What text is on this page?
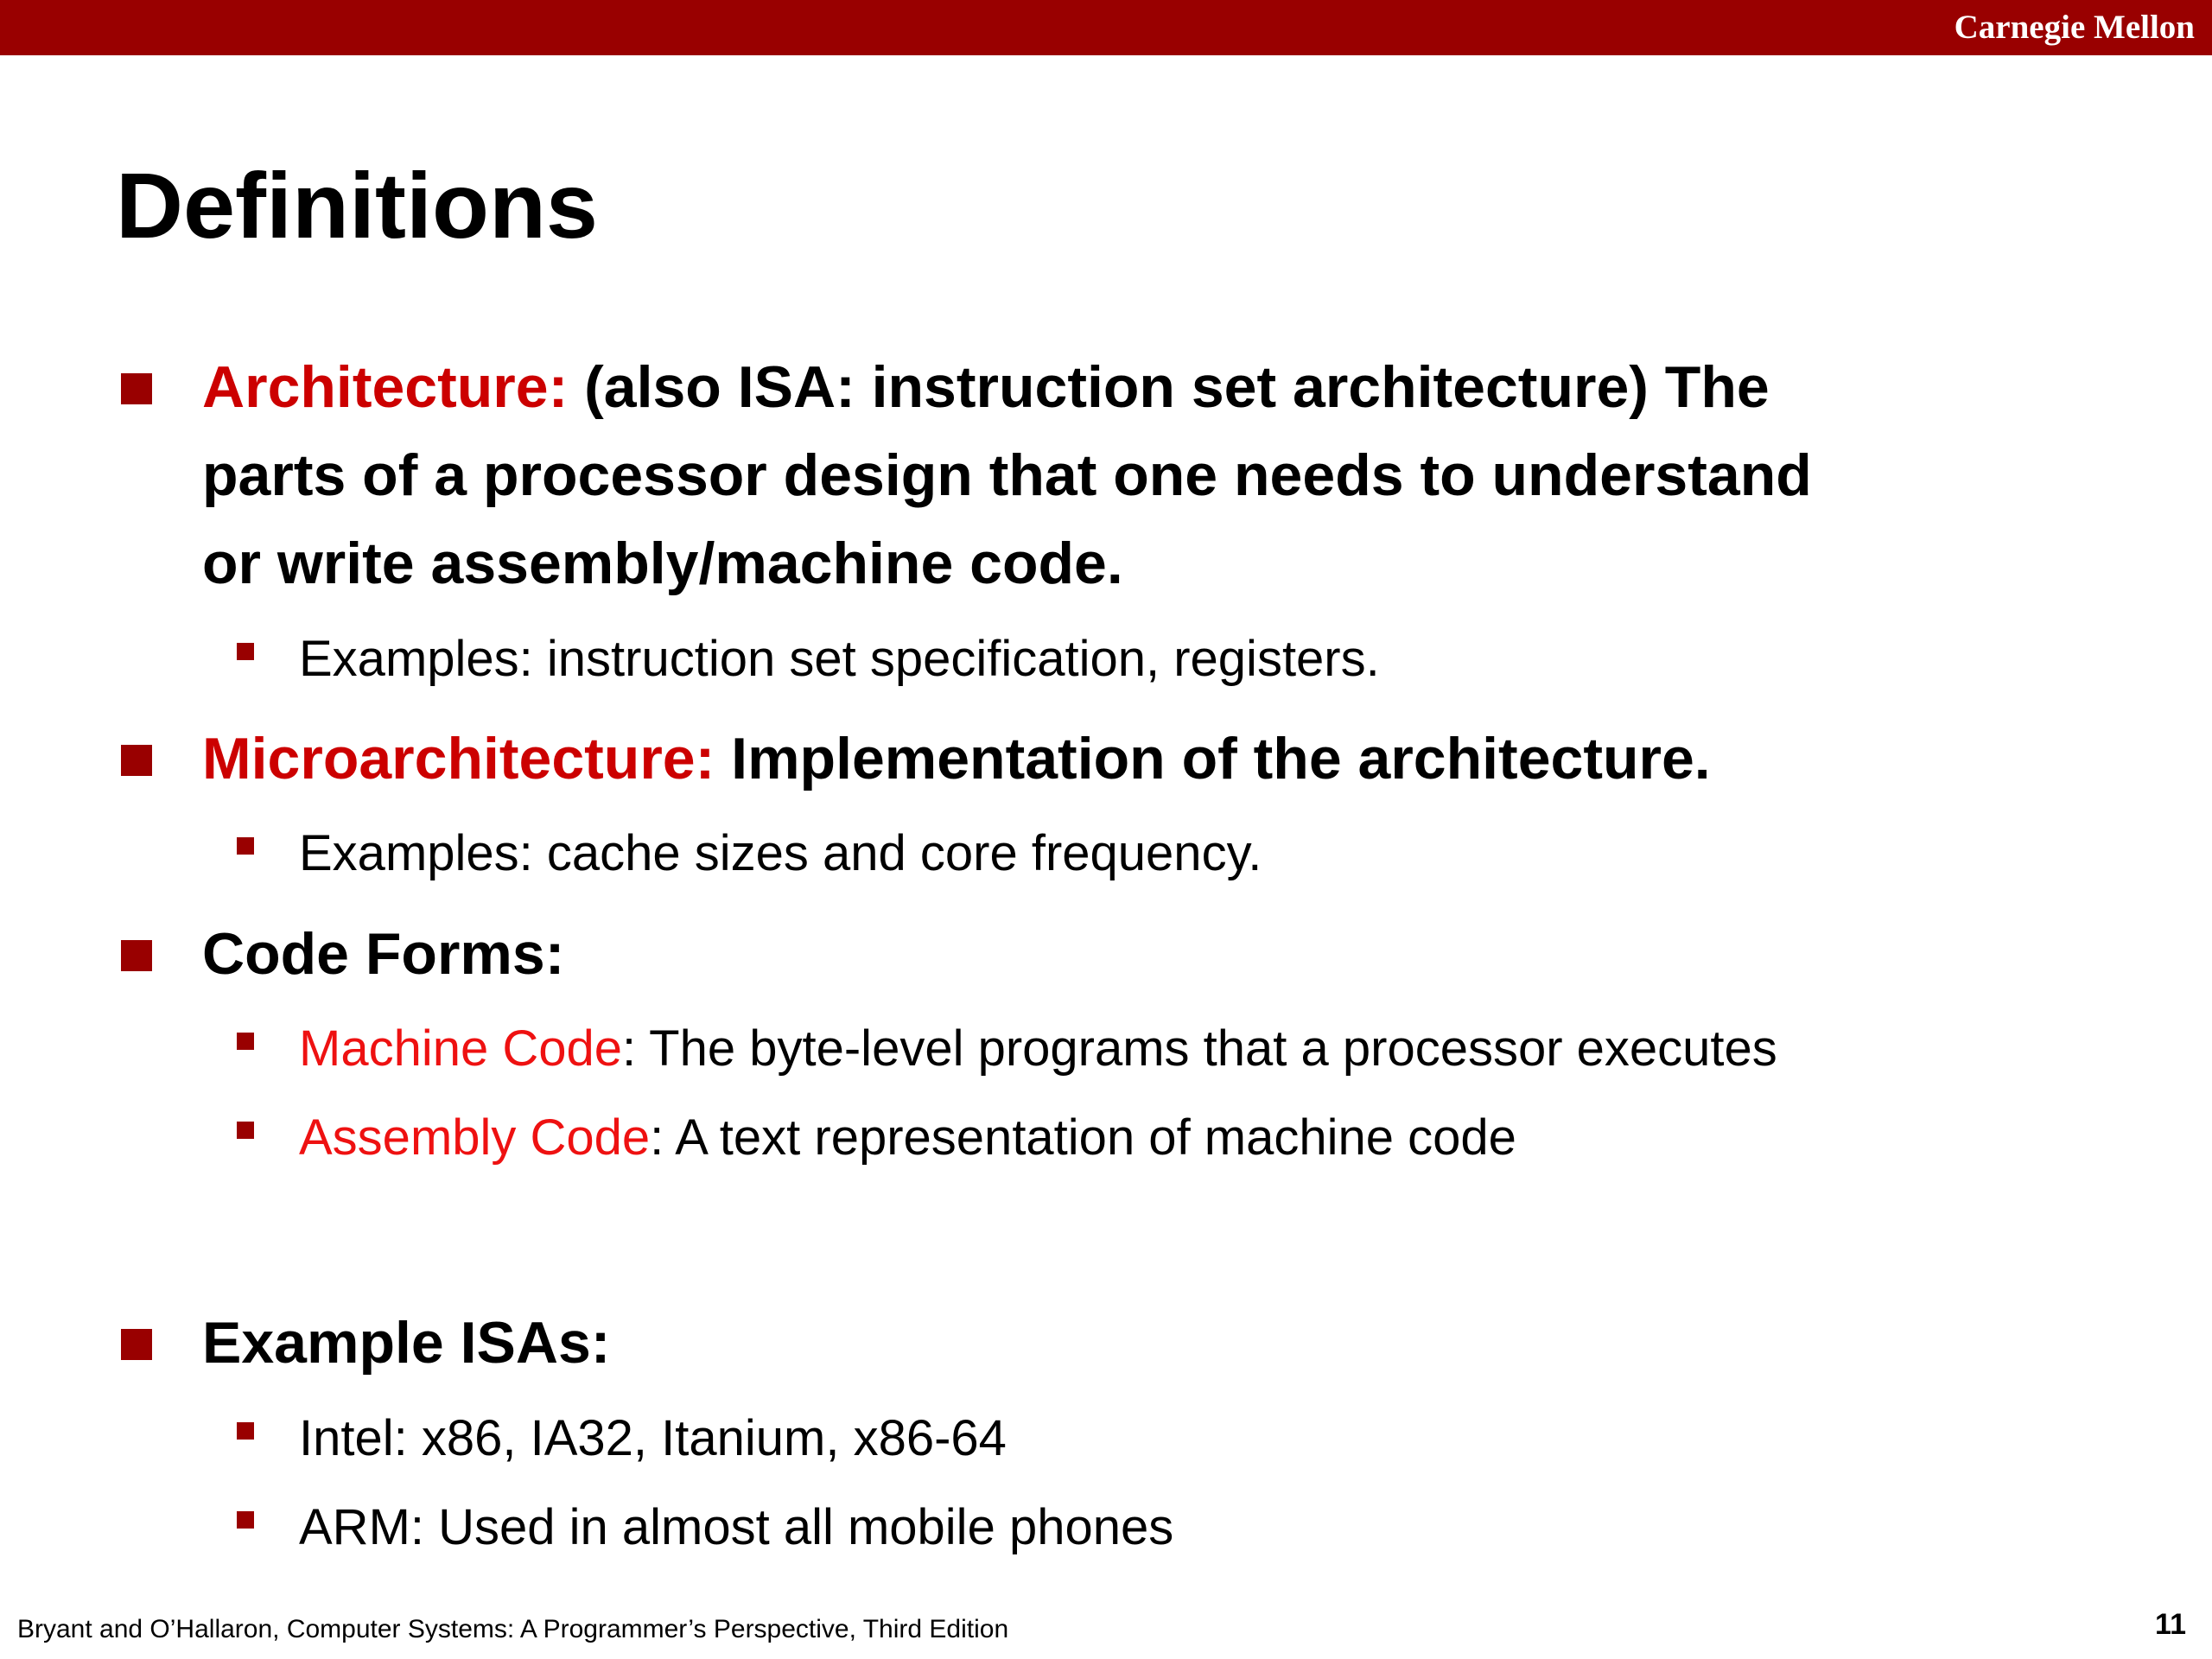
Carnegie Mellon
Definitions
Architecture: (also ISA: instruction set architecture) The
parts of a processor design that one needs to understand
or write assembly/machine code.
Examples: instruction set specification, registers.
Microarchitecture: Implementation of the architecture.
Examples: cache sizes and core frequency.
Code Forms:
Machine Code: The byte-level programs that a processor executes
Assembly Code: A text representation of machine code
Example ISAs:
Intel: x86, IA32, Itanium, x86-64
ARM: Used in almost all mobile phones
Bryant and O’Hallaron, Computer Systems: A Programmer’s Perspective, Third Edition	11
